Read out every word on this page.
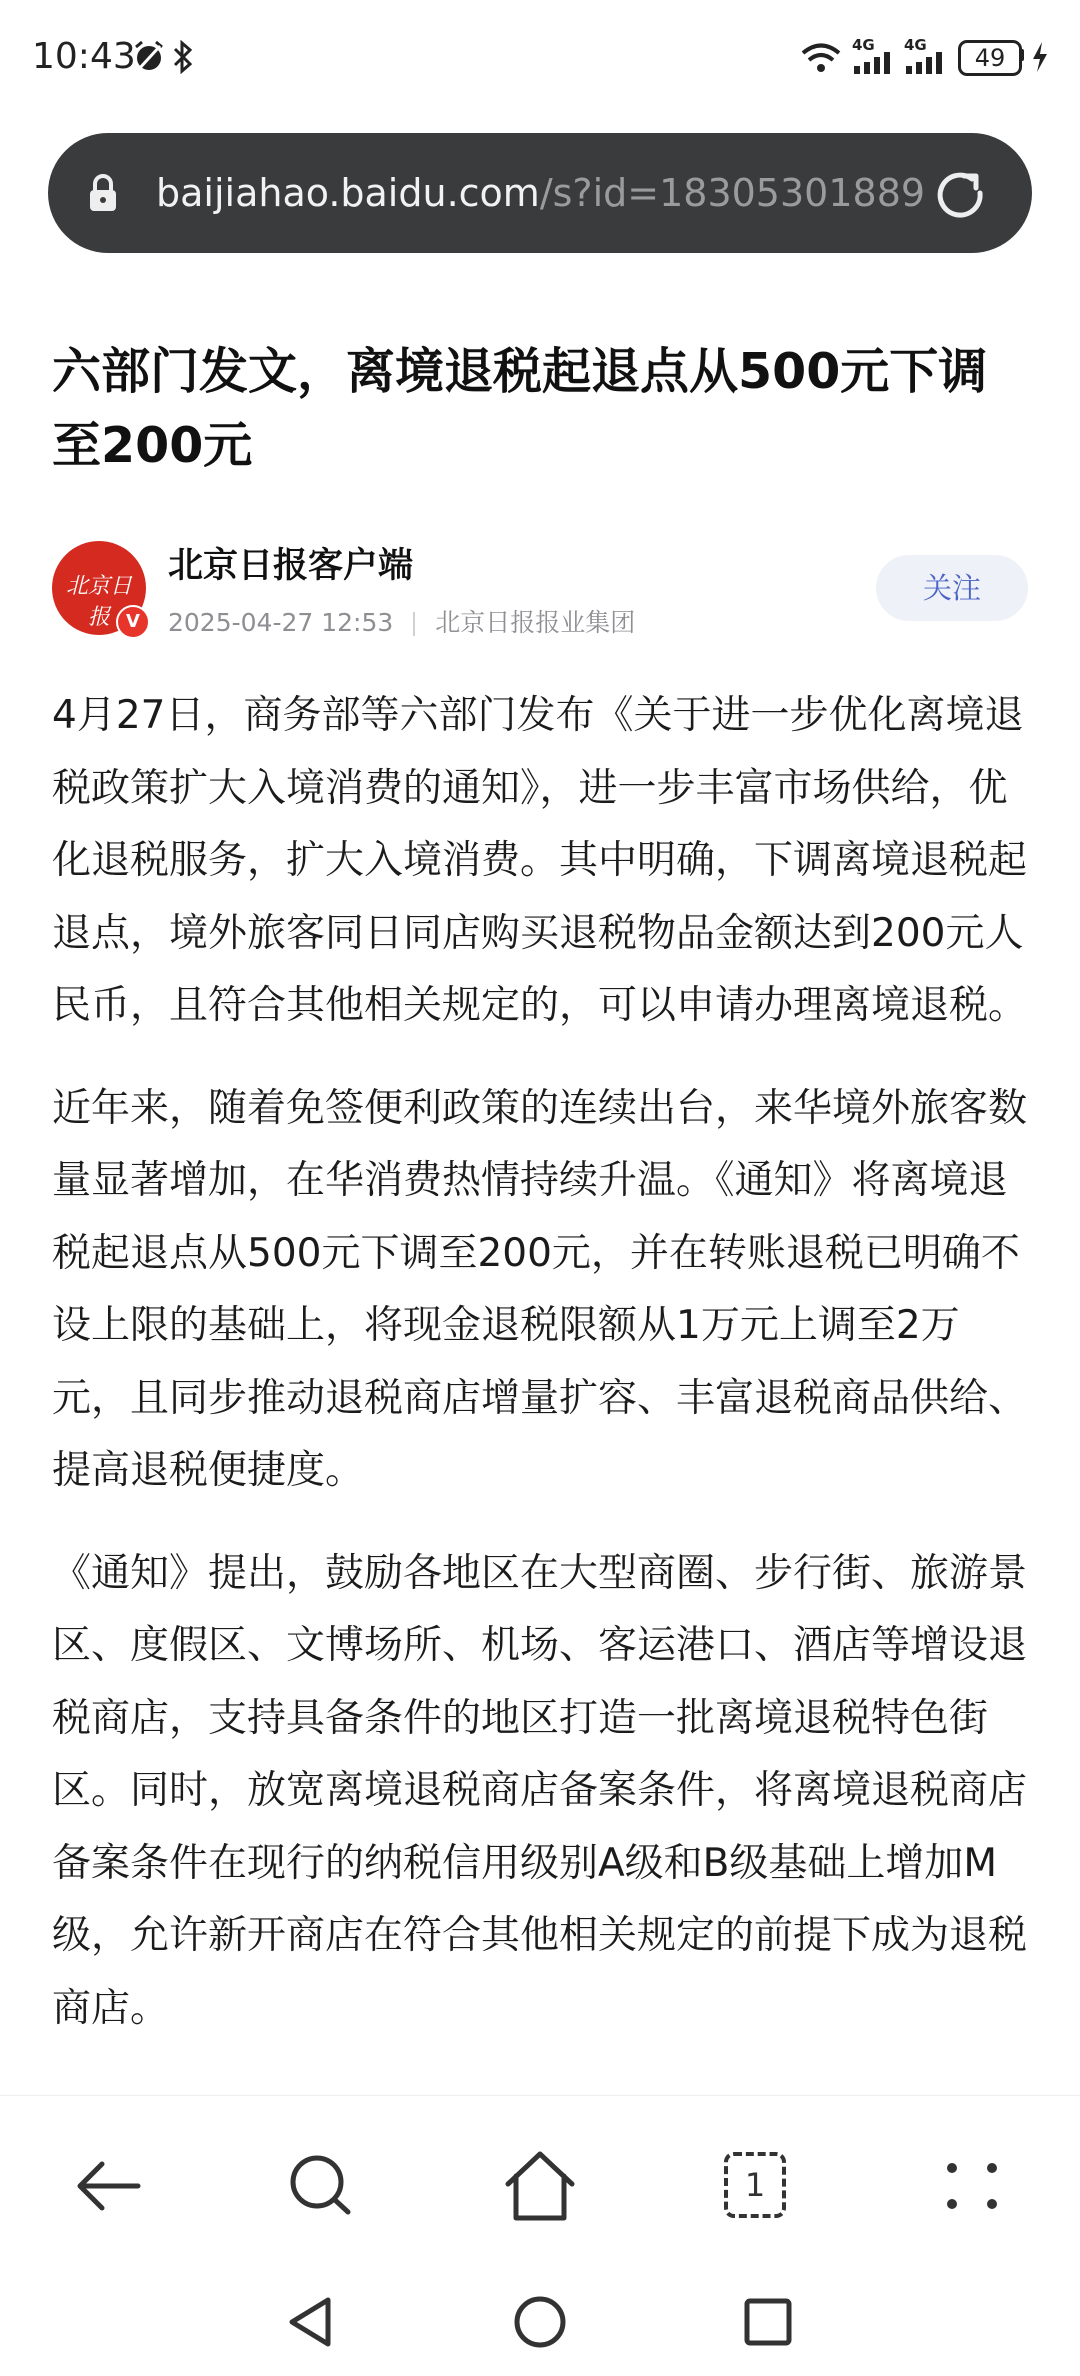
10:43	4G 4G	49
baijiahao.baidu.com/s?id=18305301889
六部门发文，离境退税起退点从500元下调至200元
北京日报 V
北京日报客户端
2025-04-27 12:53 北京日报报业集团
关注

4月27日，商务部等六部门发布《关于进一步优化离境退税政策扩大入境消费的通知》，进一步丰富市场供给，优化退税服务，扩大入境消费。其中明确，下调离境退税起退点，境外旅客同日同店购买退税物品金额达到200元人民币，且符合其他相关规定的，可以申请办理离境退税。

近年来，随着免签便利政策的连续出台，来华境外旅客数量显著增加，在华消费热情持续升温。《通知》将离境退税起退点从500元下调至200元，并在转账退税已明确不设上限的基础上，将现金退税限额从1万元上调至2万元，且同步推动退税商店增量扩容、丰富退税商品供给、提高退税便捷度。

《通知》提出，鼓励各地区在大型商圈、步行街、旅游景区、度假区、文博场所、机场、客运港口、酒店等增设退税商店，支持具备条件的地区打造一批离境退税特色街区。同时，放宽离境退税商店备案条件，将离境退税商店备案条件在现行的纳税信用级别A级和B级基础上增加M级，允许新开商店在符合其他相关规定的前提下成为退税商店。

1
